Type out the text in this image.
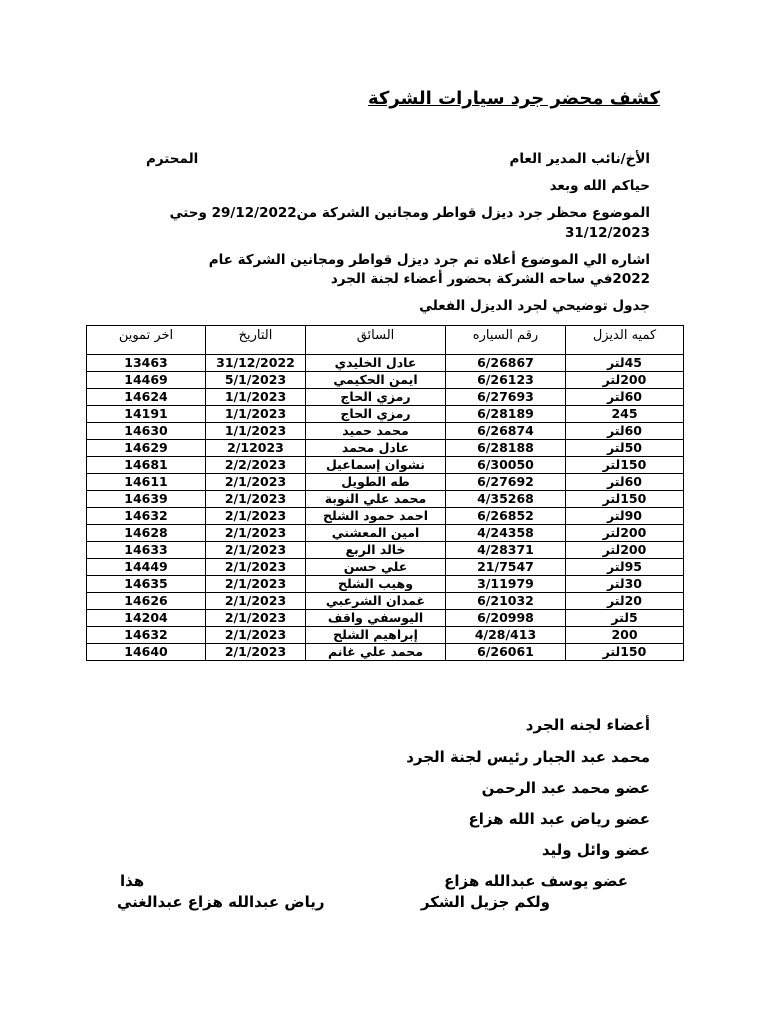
كشف محضر جرد سيارات الشركة
الأخ/نائب المدير العام
المحترم
حياكم الله وبعد
الموضوع محظر جرد ديزل قواطر ومجانين الشركة من29/12/2022 وحتي
31/12/2023
اشاره الي الموضوع أعلاه تم جرد ديزل قواطر ومجانين الشركة عام
2022في ساحه الشركة بحضور أعضاء لجنة الجرد
جدول توضيحي لجرد الديزل الفعلي
كميه الديزل	رقم السياره	السائق	التاريخ	اخر تموين
45لتر	6/26867	عادل الخليدي	31/12/2022	13463
200لتر	6/26123	ايمن الحكيمي	5/1/2023	14469
60لتر	6/27693	رمزي الحاج	1/1/2023	14624
245	6/28189	رمزي الحاج	1/1/2023	14191
60لتر	6/26874	محمد حميد	1/1/2023	14630
50لتر	6/28188	عادل محمد	2/12023	14629
150لتر	6/30050	نشوان إسماعيل	2/2/2023	14681
60لتر	6/27692	طه الطويل	2/1/2023	14611
150لتر	4/35268	محمد علي النوبة	2/1/2023	14639
90لتر	6/26852	احمد حمود الشلح	2/1/2023	14632
200لتر	4/24358	امين المعشني	2/1/2023	14628
200لتر	4/28371	خالد الربع	2/1/2023	14633
95لتر	21/7547	علي حسن	2/1/2023	14449
30لتر	3/11979	وهيب الشلح	2/1/2023	14635
20لتر	6/21032	غمدان الشرعبي	2/1/2023	14626
5لتر	6/20998	اليوسفي واقف	2/1/2023	14204
200	4/28/413	إبراهيم الشلح	2/1/2023	14632
150لتر	6/26061	محمد علي غانم	2/1/2023	14640
أعضاء لجنه الجرد
محمد عبد الجبار رئيس لجنة الجرد
عضو محمد عبد الرحمن
عضو رياض عبد الله هزاع
عضو وائل وليد
عضو يوسف عبدالله هزاع
هذا
ولكم جزيل الشكر
رياض عبدالله هزاع عبدالغني
